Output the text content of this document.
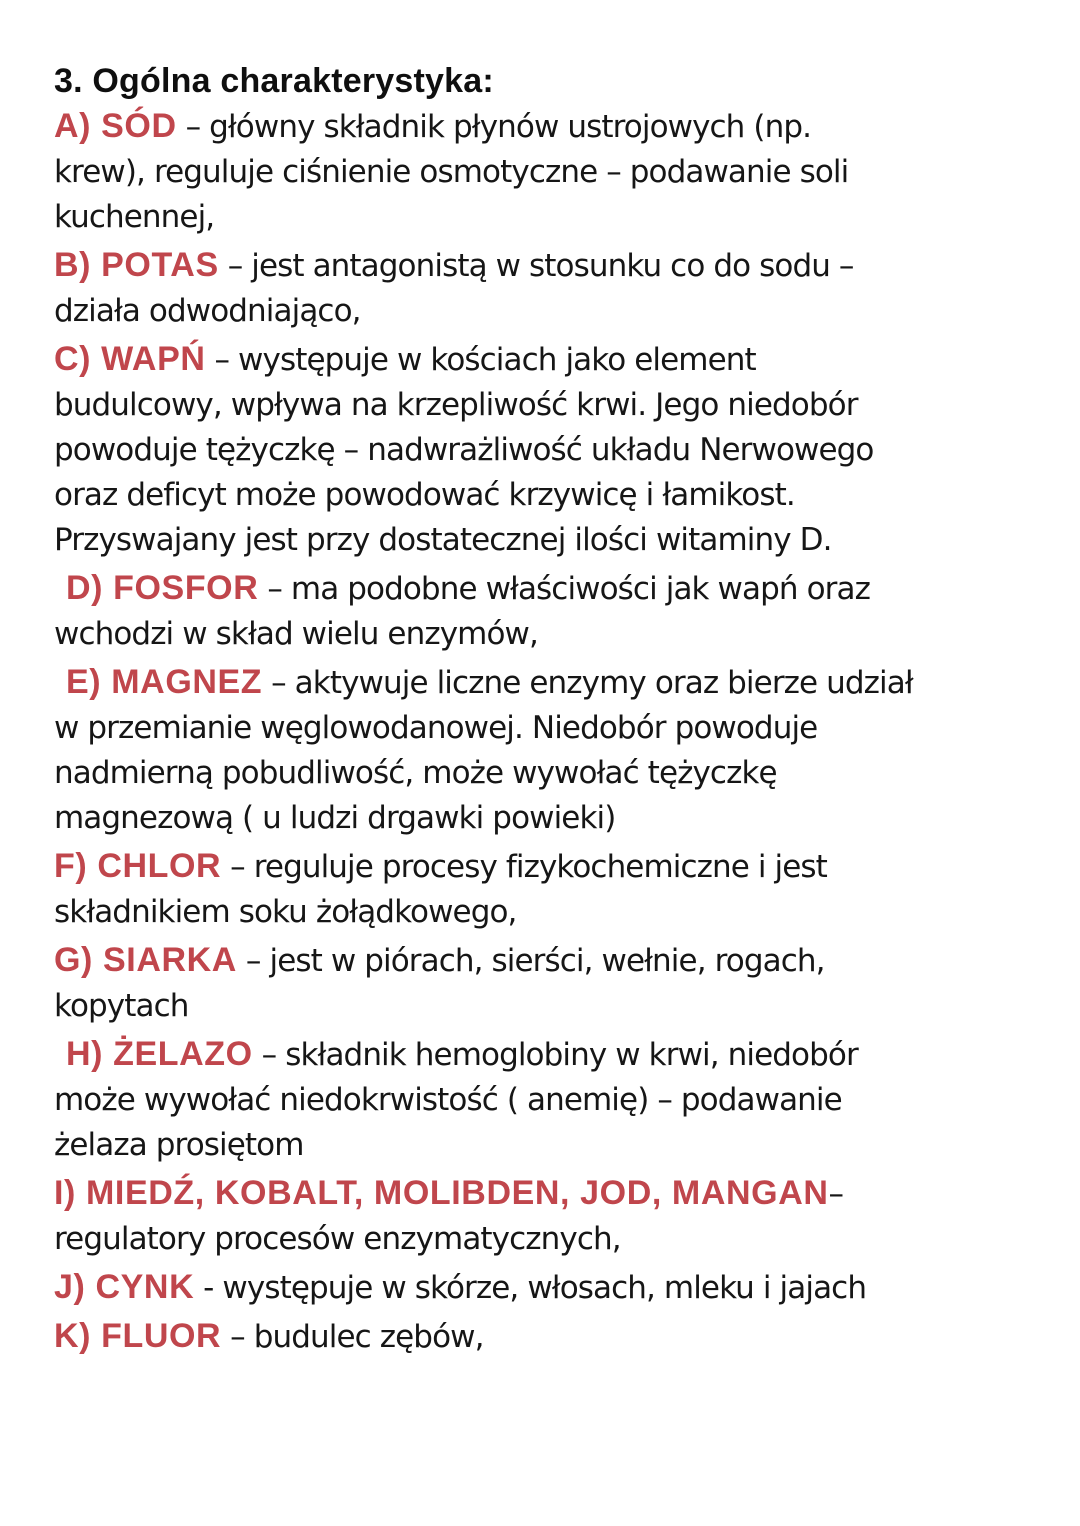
3. Ogólna charakterystyka:
A) SÓD – główny składnik płynów ustrojowych (np.
krew), reguluje ciśnienie osmotyczne – podawanie soli
kuchennej,
B) POTAS – jest antagonistą w stosunku co do sodu –
działa odwodniająco,
C) WAPŃ – występuje w kościach jako element
budulcowy, wpływa na krzepliwość krwi. Jego niedobór
powoduje tężyczkę – nadwrażliwość układu Nerwowego
oraz deficyt może powodować krzywicę i łamikost.
Przyswajany jest przy dostatecznej ilości witaminy D.
D) FOSFOR – ma podobne właściwości jak wapń oraz
wchodzi w skład wielu enzymów,
E) MAGNEZ – aktywuje liczne enzymy oraz bierze udział
w przemianie węglowodanowej. Niedobór powoduje
nadmierną pobudliwość, może wywołać tężyczkę
magnezową ( u ludzi drgawki powieki)
F) CHLOR – reguluje procesy fizykochemiczne i jest
składnikiem soku żołądkowego,
G) SIARKA – jest w piórach, sierści, wełnie, rogach,
kopytach
H) ŻELAZO – składnik hemoglobiny w krwi, niedobór
może wywołać niedokrwistość ( anemię) – podawanie
żelaza prosiętom
I) MIEDŹ, KOBALT, MOLIBDEN, JOD, MANGAN–
regulatory procesów enzymatycznych,
J) CYNK - występuje w skórze, włosach, mleku i jajach
K) FLUOR – budulec zębów,
